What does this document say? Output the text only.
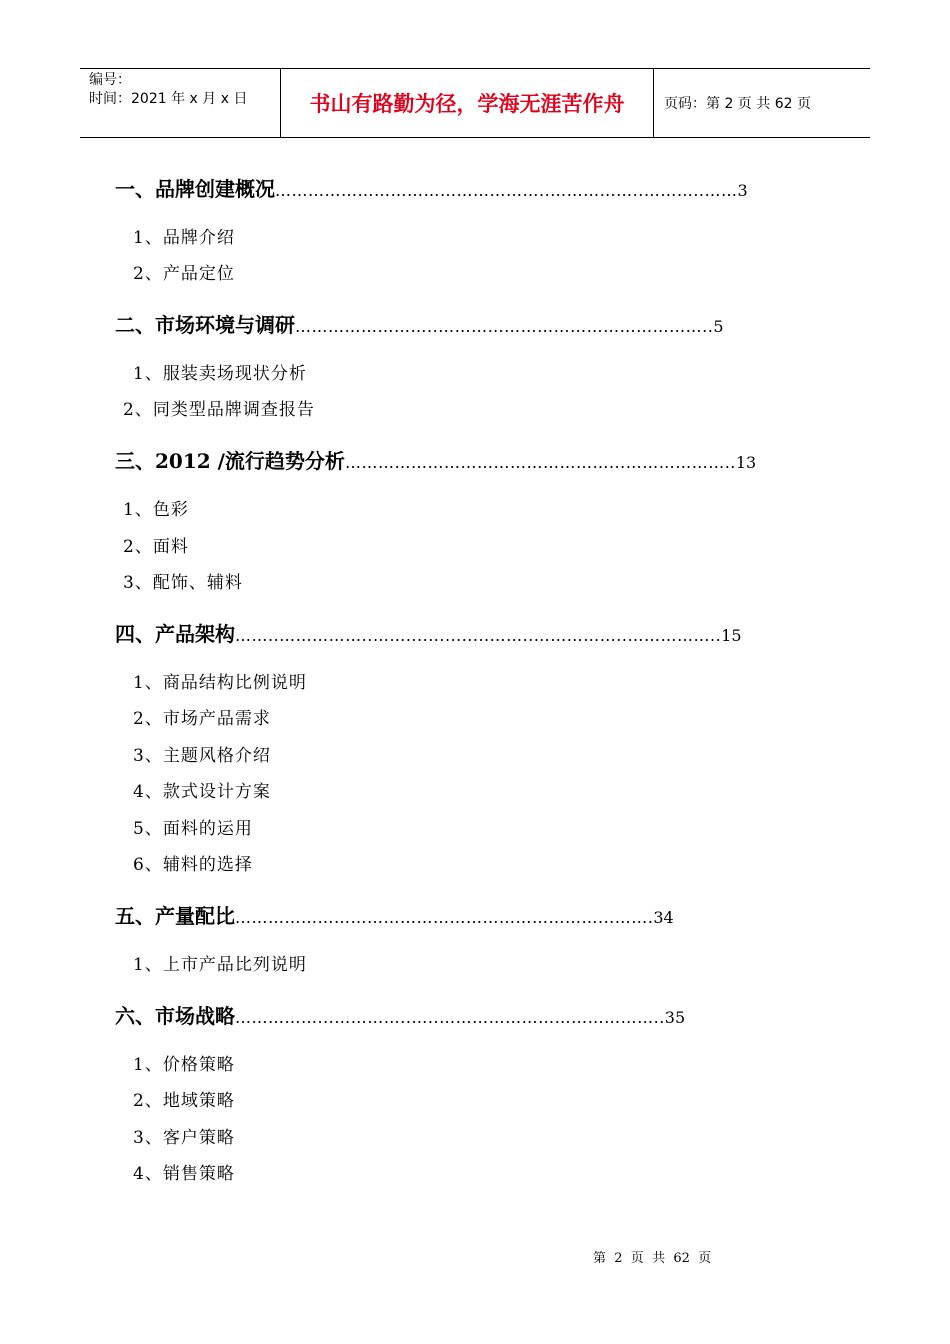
编号：
时间：2021 年 x 月 x 日	书山有路勤为径，学海无涯苦作舟	页码：第 2 页 共 62 页
一、品牌创建概况…………………………………………..……………..………..……3
1、品牌介绍
2、产品定位
二、市场环境与调研……………………..…………………………………………..5
1、服装卖场现状分析
2、同类型品牌调查报告
三、2012 /流行趋势分析…………………………………………...………………..13
1、色彩
2、面料
3、配饰、辅料
四、产品架构……..……………..……...............……..……………..……………..15
1、商品结构比例说明
2、市场产品需求
3、主题风格介绍
4、款式设计方案
5、面料的运用
6、辅料的选择
五、产量配比…………………………………………………………...…….34
1、上市产品比列说明
六、市场战略……………...…………..…..…………………………………..35
1、价格策略
2、地域策略
3、客户策略
4、销售策略
第  2  页  共  62  页
